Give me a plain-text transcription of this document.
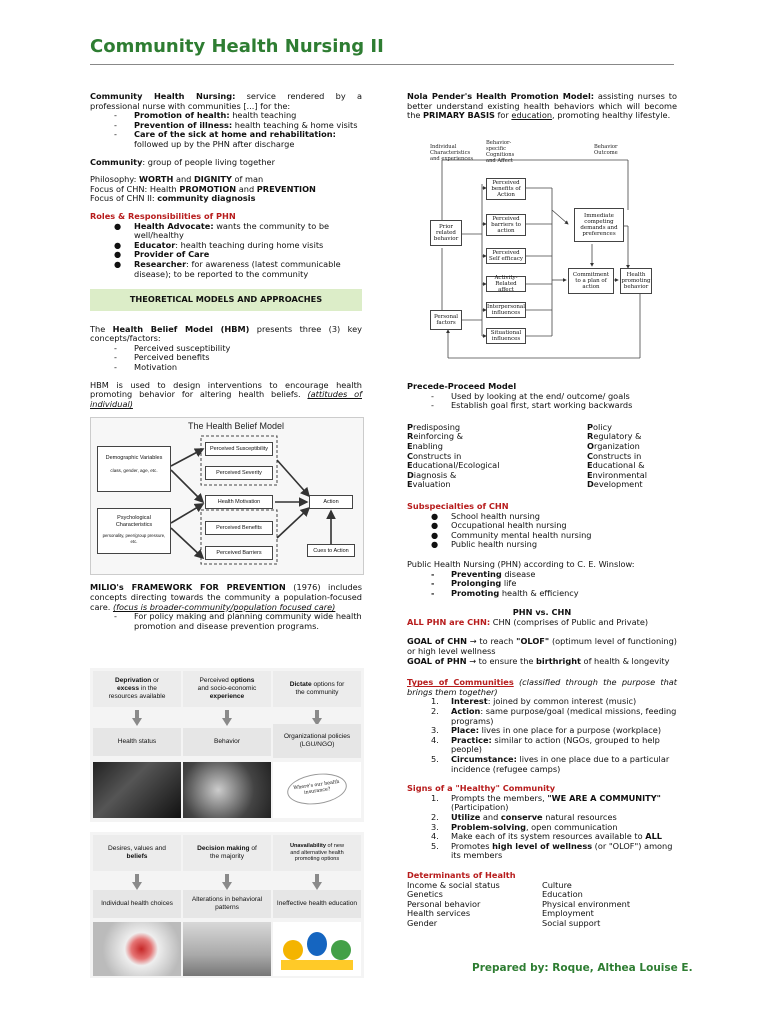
Community Health Nursing II

Community Health Nursing: service rendered by a professional nurse with communities [...] for the:

- Promotion of health: health teaching
- Prevention of illness: health teaching & home visits
- Care of the sick at home and rehabilitation: followed up by the PHN after discharge

Community: group of people living together

Philosophy: WORTH and DIGNITY of man
Focus of CHN: Health PROMOTION and PREVENTION
Focus of CHN II: community diagnosis
Roles & Responsibilities of PHN
● Health Advocate: wants the community to be well/healthy
● Educator: health teaching during home visits
● Provider of Care
● Researcher: for awareness (latest communicable disease); to be reported to the community
THEORETICAL MODELS AND APPROACHES

The Health Belief Model (HBM) presents three (3) key concepts/factors:

- Perceived susceptibility
- Perceived benefits
- Motivation

HBM is used to design interventions to encourage health promoting behavior for altering health beliefs. (attitudes of individual)

The Health Belief Model
Demographic Variables
class, gender, age, etc.
Psychological Characteristics
personality, peer/group pressure, etc.
Perceived Susceptibility
Perceived Severity
Health Motivation
Perceived Benefits
Perceived Barriers
Action
Cues to Action

MILIO's FRAMEWORK FOR PREVENTION (1976) includes concepts directing towards the community a population-focused care. (focus is broader-community/population focused care)

- For policy making and planning community wide health promotion and disease prevention programs.
Deprivation or
excess in the
resources available
Perceived options
and socio-economic
experience
Dictate options for
the community
Health status	Behavior
Organizational policies (LGU/NGO)
Where's our health insurance?
Desires, values and
beliefs
Decision making of
the majority
Unavailability of new
and alternative health
promoting options
Individual health choices
Alterations in behavioral patterns
Ineffective health education

Nola Pender's Health Promotion Model: assisting nurses to better understand existing health behaviors which will become the PRIMARY BASIS for education, promoting healthy lifestyle.

Individual Characteristics and experiences
Behavior-specific Cognitions and Affect
Behavior Outcome
Prior related behavior
Personal factors
Perceived benefits of Action
Perceived barriers to action
Perceived Self efficacy
Activity-Related affect
Interpersonal influences
Situational influences
Immediate competing demands and preferences
Commitment to a plan of action
Health promoting behavior
Precede-Proceed Model
- Used by looking at the end/ outcome/ goals
- Establish goal first, start working backwards
Predisposing	Policy
Reinforcing &	Regulatory &
Enabling	Organization
Constructs in	Constructs in
Educational/Ecological	Educational &
Diagnosis &	Environmental
Evaluation	Development
Subspecialties of CHN
● School health nursing
● Occupational health nursing
● Community mental health nursing
● Public health nursing
Public Health Nursing (PHN) according to C. E. Winslow:
- Preventing disease
- Prolonging life
- Promoting health & efficiency
PHN vs. CHN
ALL PHN are CHN: CHN (comprises of Public and Private)

GOAL of CHN → to reach "OLOF" (optimum level of functioning) or high level wellness

GOAL of PHN → to ensure the birthright of health & longevity

Types of Communities (classified through the purpose that brings them together)

1. Interest: joined by common interest (music)
2. Action: same purpose/goal (medical missions, feeding programs)
3. Place: lives in one place for a purpose (workplace)
4. Practice: similar to action (NGOs, grouped to help people)
5. Circumstance: lives in one place due to a particular incidence (refugee camps)
Signs of a "Healthy" Community
1. Prompts the members, "WE ARE A COMMUNITY" (Participation)
2. Utilize and conserve natural resources
3. Problem-solving, open communication
4. Make each of its system resources available to ALL
5. Promotes high level of wellness (or "OLOF") among its members
Determinants of Health
Income & social status	Culture
Genetics	Education
Personal behavior	Physical environment
Health services	Employment
Gender	Social support
Prepared by: Roque, Althea Louise E.
